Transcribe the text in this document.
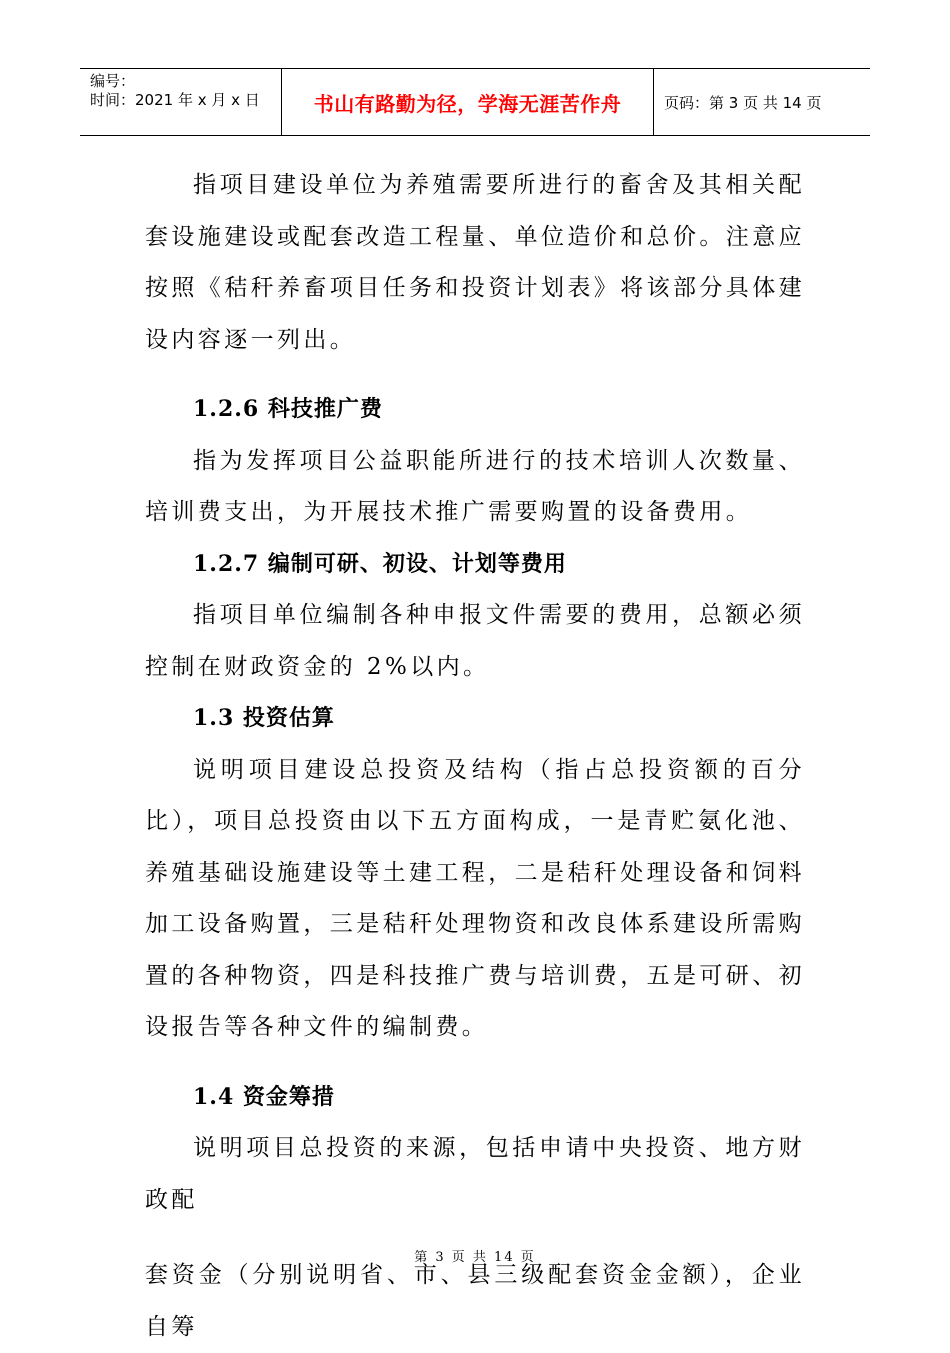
编号：
时间：2021 年 x 月 x 日	书山有路勤为径，学海无涯苦作舟	页码：第 3 页 共 14 页

指项目建设单位为养殖需要所进行的畜舍及其相关配套设施建设或配套改造工程量、单位造价和总价。注意应按照《秸秆养畜项目任务和投资计划表》将该部分具体建设内容逐一列出。

1.2.6 科技推广费

指为发挥项目公益职能所进行的技术培训人次数量、培训费支出，为开展技术推广需要购置的设备费用。

1.2.7 编制可研、初设、计划等费用

指项目单位编制各种申报文件需要的费用，总额必须控制在财政资金的 2%以内。

1.3 投资估算

说明项目建设总投资及结构（指占总投资额的百分比），项目总投资由以下五方面构成，一是青贮氨化池、养殖基础设施建设等土建工程，二是秸秆处理设备和饲料加工设备购置，三是秸秆处理物资和改良体系建设所需购置的各种物资，四是科技推广费与培训费，五是可研、初设报告等各种文件的编制费。

1.4 资金筹措

说明项目总投资的来源，包括申请中央投资、地方财政配

套资金（分别说明省、市、县三级配套资金金额），企业自筹

第 3 页 共 14 页
